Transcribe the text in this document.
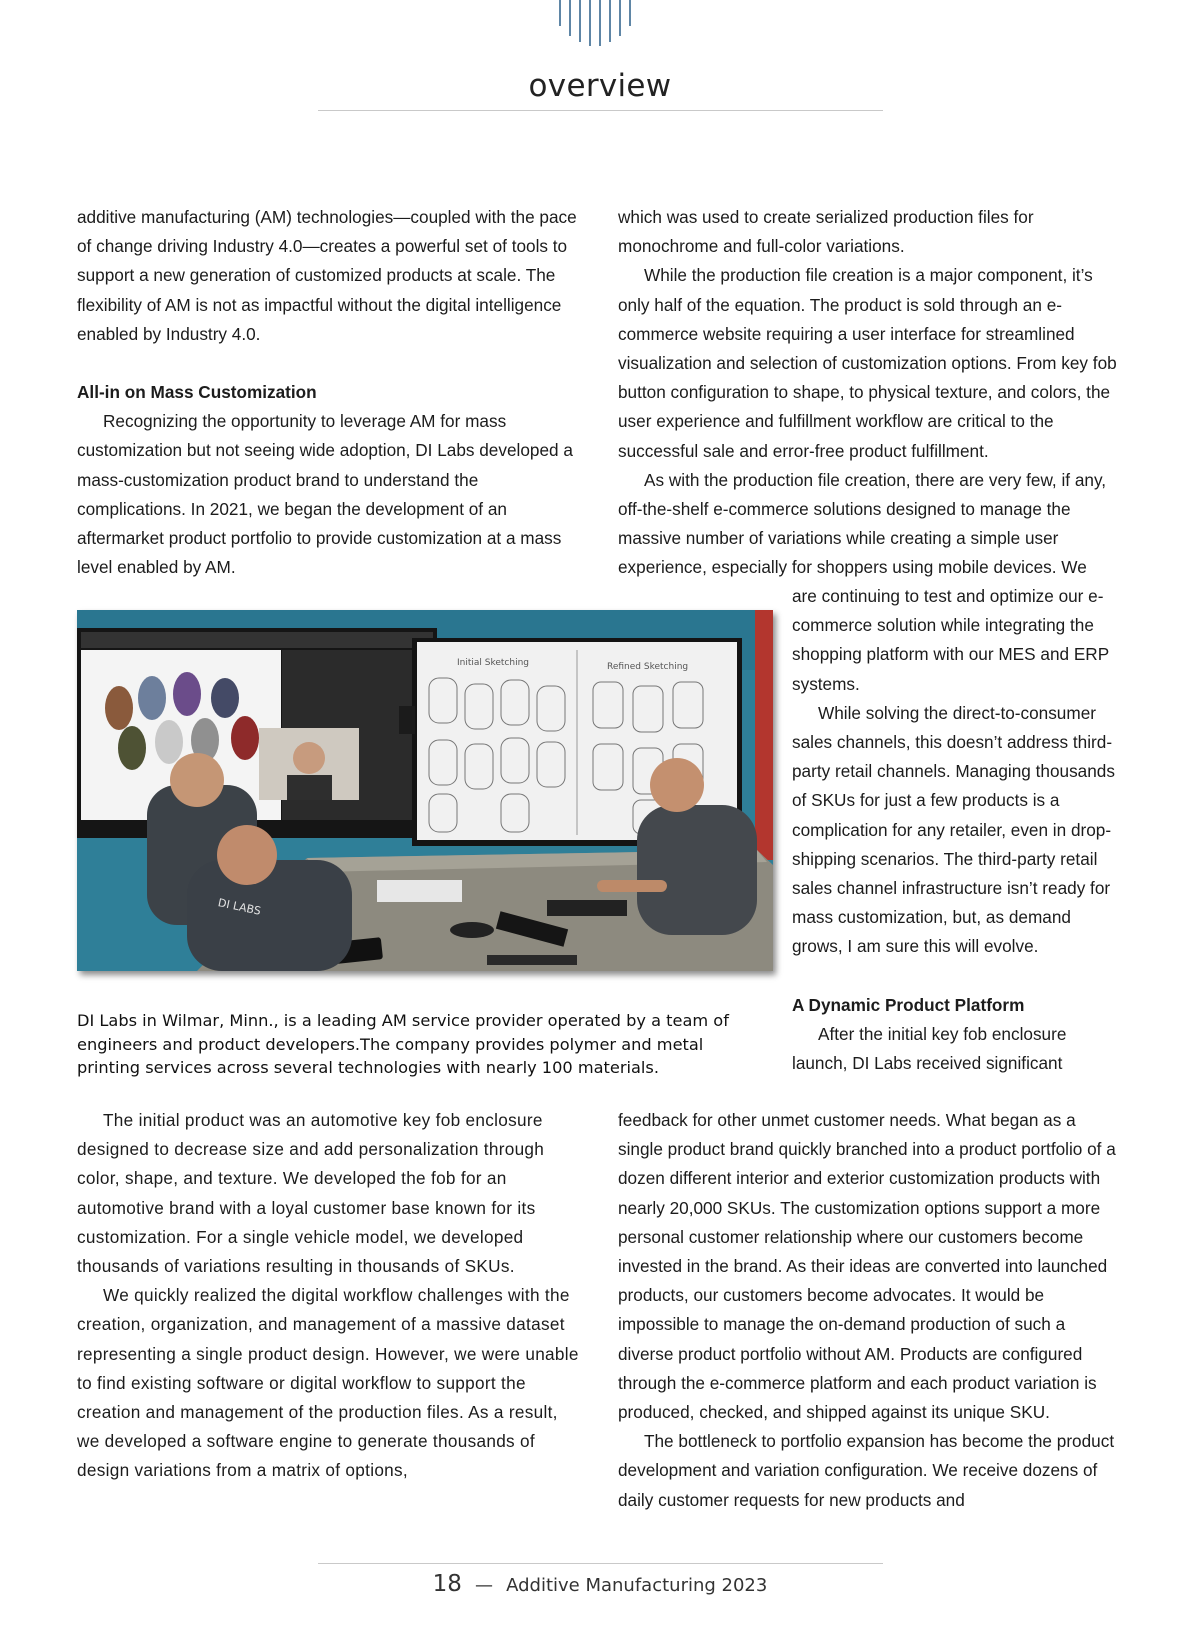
overview

additive manufacturing (AM) technologies—coupled with the pace of change driving Industry 4.0—creates a powerful set of tools to support a new generation of customized products at scale. The flexibility of AM is not as impactful without the digital intelligence enabled by Industry 4.0.

All-in on Mass Customization

Recognizing the opportunity to leverage AM for mass customization but not seeing wide adoption, DI Labs developed a mass-customization product brand to understand the complications. In 2021, we began the development of an aftermarket product portfolio to provide customization at a mass level enabled by AM.

which was used to create serialized production files for monochrome and full-color variations.

While the production file creation is a major component, it’s only half of the equation. The product is sold through an e-commerce website requiring a user interface for streamlined visualization and selection of customization options. From key fob button configuration to shape, to physical texture, and colors, the user experience and fulfillment workflow are critical to the successful sale and error-free product fulfillment.

As with the production file creation, there are very few, if any, off-the-shelf e-commerce solutions designed to manage the massive number of variations while creating a simple user experience, especially for shoppers using mobile devices. We

are continuing to test and optimize our e-commerce solution while integrating the shopping platform with our MES and ERP systems.

While solving the direct-to-consumer sales channels, this doesn’t address third-party retail channels. Managing thousands of SKUs for just a few products is a complication for any retailer, even in drop-shipping scenarios. The third-party retail sales channel infrastructure isn’t ready for mass customization, but, as demand grows, I am sure this will evolve.

A Dynamic Product Platform

After the initial key fob enclosure launch, DI Labs received significant

Initial Sketching	Refined Sketching
DI LABS
DI Labs in Wilmar, Minn., is a leading AM service provider operated by a team of engineers and product developers.The company provides polymer and metal printing services across several technologies with nearly 100 materials.

The initial product was an automotive key fob enclosure designed to decrease size and add personalization through color, shape, and texture. We developed the fob for an automotive brand with a loyal customer base known for its customization. For a single vehicle model, we developed thousands of variations resulting in thousands of SKUs.

We quickly realized the digital workflow challenges with the creation, organization, and management of a massive dataset representing a single product design. However, we were unable to find existing software or digital workflow to support the creation and management of the production files. As a result, we developed a software engine to generate thousands of design variations from a matrix of options,

feedback for other unmet customer needs. What began as a single product brand quickly branched into a product portfolio of a dozen different interior and exterior customization products with nearly 20,000 SKUs. The customization options support a more personal customer relationship where our customers become invested in the brand. As their ideas are converted into launched products, our customers become advocates. It would be impossible to manage the on-demand production of such a diverse product portfolio without AM. Products are configured through the e-commerce platform and each product variation is produced, checked, and shipped against its unique SKU.

The bottleneck to portfolio expansion has become the product development and variation configuration. We receive dozens of daily customer requests for new products and

18 — Additive Manufacturing 2023
